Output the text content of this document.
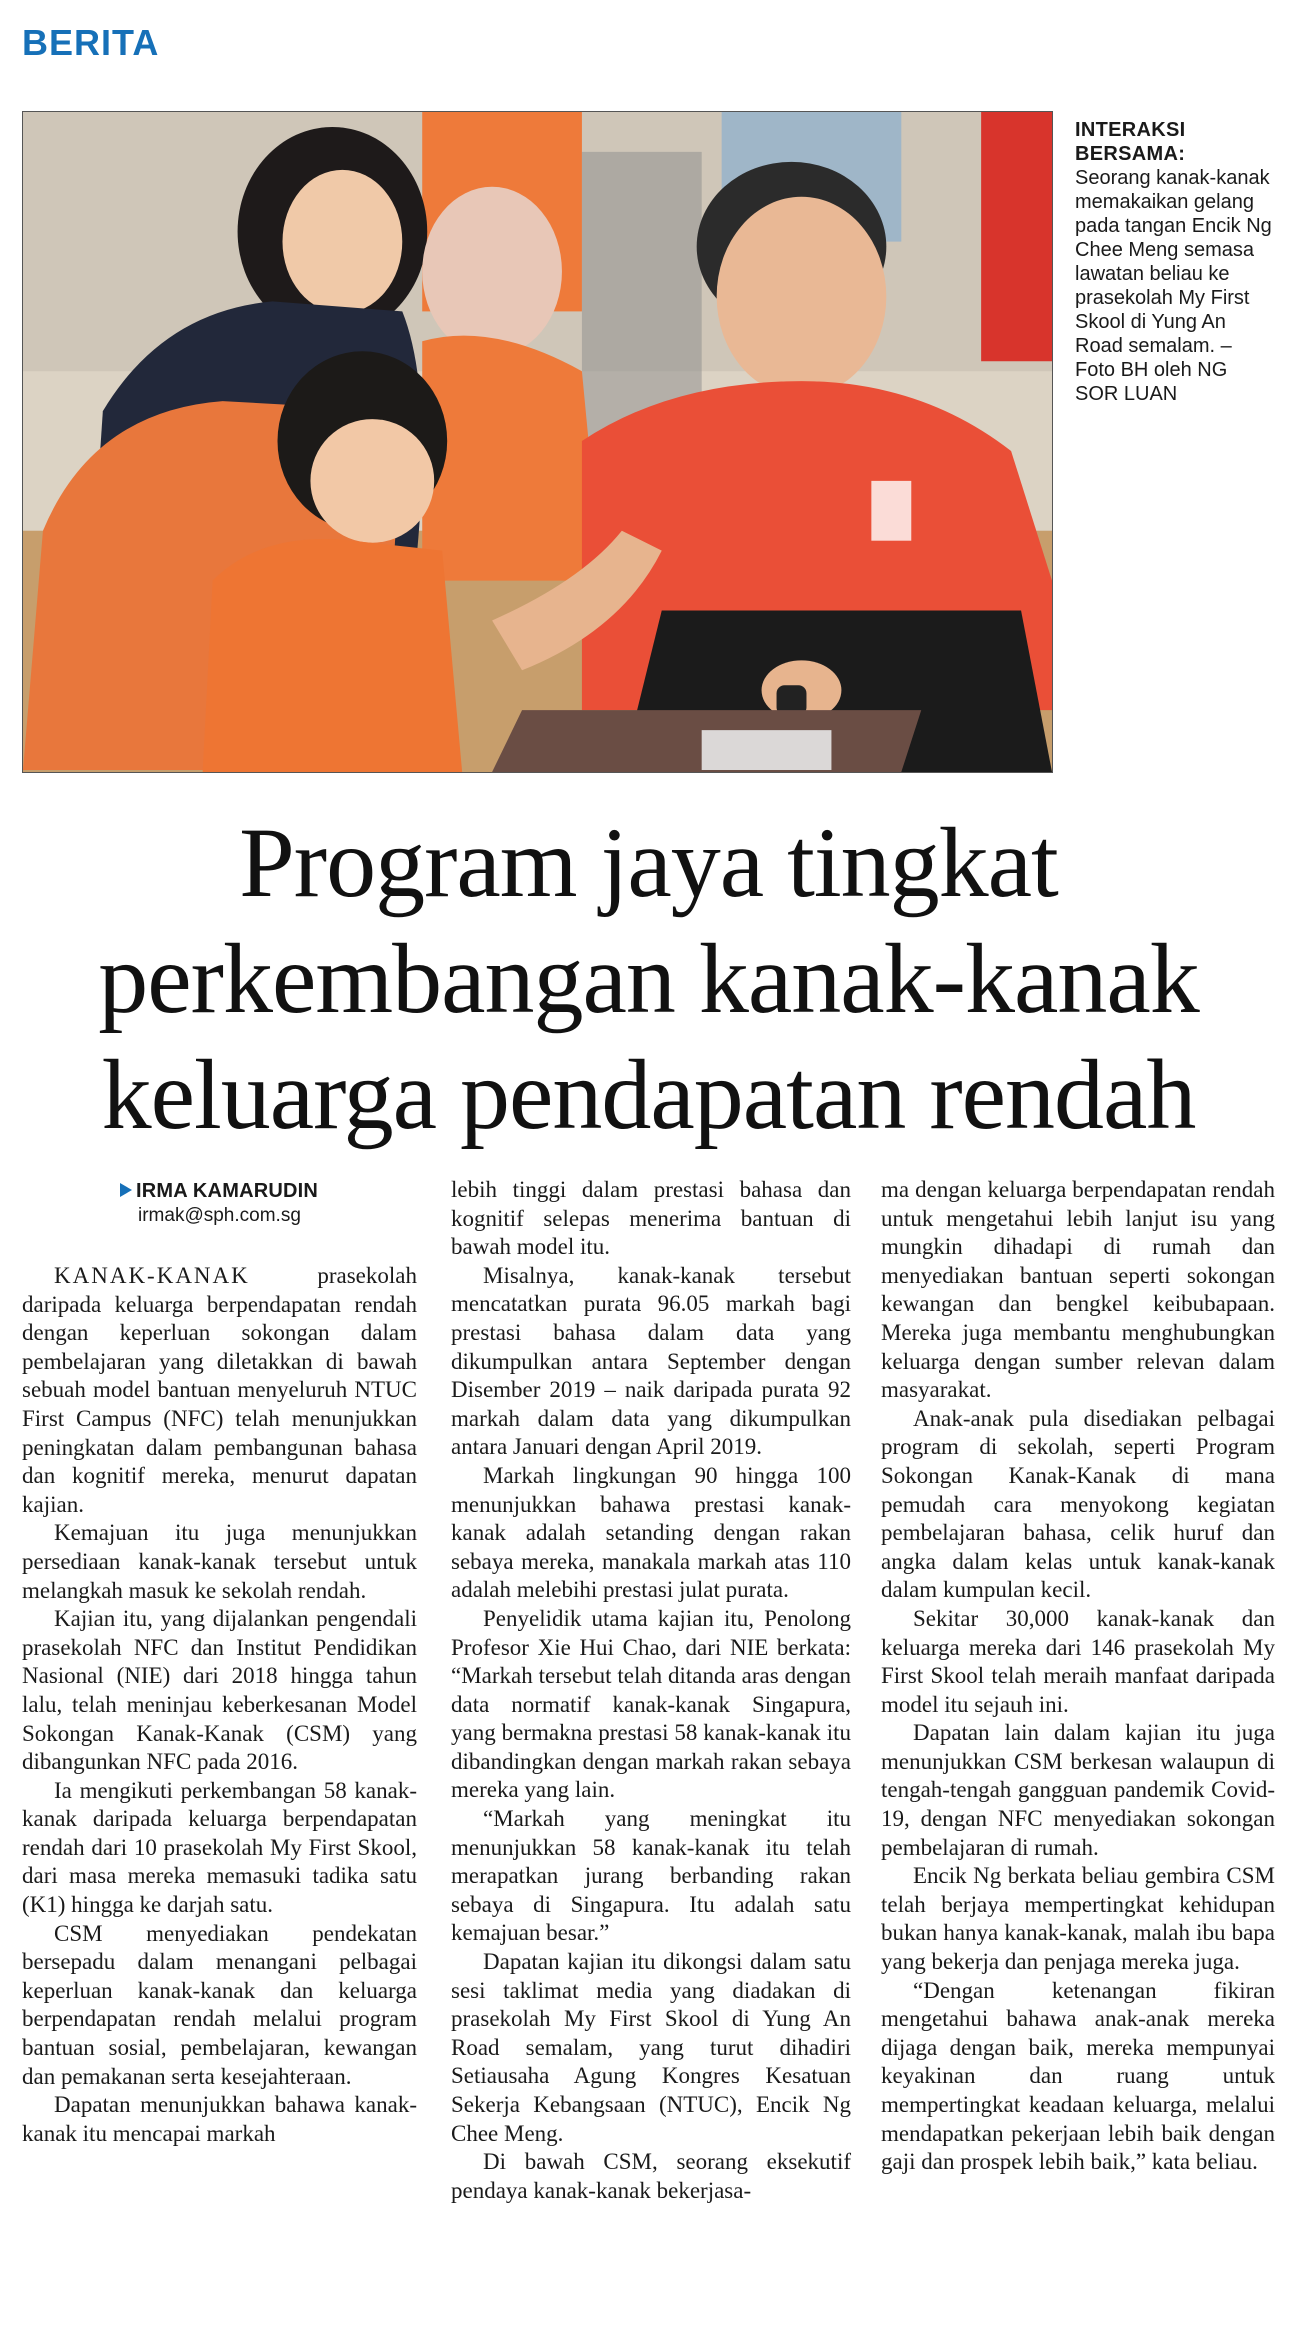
BERITA
INTERAKSI BERSAMA:
Seorang kanak-kanak memakaikan gelang pada tangan Encik Ng Chee Meng semasa lawatan beliau ke prasekolah My First Skool di Yung An Road semalam. – Foto BH oleh NG SOR LUAN
Program jaya tingkat
perkembangan kanak-kanak
keluarga pendapatan rendah
IRMA KAMARUDIN
irmak@sph.com.sg

KANAK-KANAK prasekolah daripada keluarga berpendapatan rendah dengan keperluan sokongan dalam pembelajaran yang diletakkan di bawah sebuah model bantuan menyeluruh NTUC First Campus (NFC) telah menunjukkan peningkatan dalam pembangunan bahasa dan kognitif mereka, menurut dapatan kajian.

Kemajuan itu juga menunjukkan persediaan kanak-kanak tersebut untuk melangkah masuk ke sekolah rendah.

Kajian itu, yang dijalankan pengendali prasekolah NFC dan Institut Pendidikan Nasional (NIE) dari 2018 hingga tahun lalu, telah meninjau keberkesanan Model Sokongan Kanak-Kanak (CSM) yang dibangunkan NFC pada 2016.

Ia mengikuti perkembangan 58 kanak-kanak daripada keluarga berpendapatan rendah dari 10 prasekolah My First Skool, dari masa mereka memasuki tadika satu (K1) hingga ke darjah satu.

CSM menyediakan pendekatan bersepadu dalam menangani pelbagai keperluan kanak-kanak dan keluarga berpendapatan rendah melalui program bantuan sosial, pembelajaran, kewangan dan pemakanan serta kesejahteraan.

Dapatan menunjukkan bahawa kanak-kanak itu mencapai markah

lebih tinggi dalam prestasi bahasa dan kognitif selepas menerima bantuan di bawah model itu.

Misalnya, kanak-kanak tersebut mencatatkan purata 96.05 markah bagi prestasi bahasa dalam data yang dikumpulkan antara September dengan Disember 2019 – naik daripada purata 92 markah dalam data yang dikumpulkan antara Januari dengan April 2019.

Markah lingkungan 90 hingga 100 menunjukkan bahawa prestasi kanak-kanak adalah setanding dengan rakan sebaya mereka, manakala markah atas 110 adalah melebihi prestasi julat purata.

Penyelidik utama kajian itu, Penolong Profesor Xie Hui Chao, dari NIE berkata: “Markah tersebut telah ditanda aras dengan data normatif kanak-kanak Singapura, yang bermakna prestasi 58 kanak-kanak itu dibandingkan dengan markah rakan sebaya mereka yang lain.

“Markah yang meningkat itu menunjukkan 58 kanak-kanak itu telah merapatkan jurang berbanding rakan sebaya di Singapura. Itu adalah satu kemajuan besar.”

Dapatan kajian itu dikongsi dalam satu sesi taklimat media yang diadakan di prasekolah My First Skool di Yung An Road semalam, yang turut dihadiri Setiausaha Agung Kongres Kesatuan Sekerja Kebangsaan (NTUC), Encik Ng Chee Meng.

Di bawah CSM, seorang eksekutif pendaya kanak-kanak bekerjasa-

ma dengan keluarga berpendapatan rendah untuk mengetahui lebih lanjut isu yang mungkin dihadapi di rumah dan menyediakan bantuan seperti sokongan kewangan dan bengkel keibubapaan. Mereka juga membantu menghubungkan keluarga dengan sumber relevan dalam masyarakat.

Anak-anak pula disediakan pelbagai program di sekolah, seperti Program Sokongan Kanak-Kanak di mana pemudah cara menyokong kegiatan pembelajaran bahasa, celik huruf dan angka dalam kelas untuk kanak-kanak dalam kumpulan kecil.

Sekitar 30,000 kanak-kanak dan keluarga mereka dari 146 prasekolah My First Skool telah meraih manfaat daripada model itu sejauh ini.

Dapatan lain dalam kajian itu juga menunjukkan CSM berkesan walaupun di tengah-tengah gangguan pandemik Covid-19, dengan NFC menyediakan sokongan pembelajaran di rumah.

Encik Ng berkata beliau gembira CSM telah berjaya mempertingkat kehidupan bukan hanya kanak-kanak, malah ibu bapa yang bekerja dan penjaga mereka juga.

“Dengan ketenangan fikiran mengetahui bahawa anak-anak mereka dijaga dengan baik, mereka mempunyai keyakinan dan ruang untuk mempertingkat keadaan keluarga, melalui mendapatkan pekerjaan lebih baik dengan gaji dan prospek lebih baik,” kata beliau.
